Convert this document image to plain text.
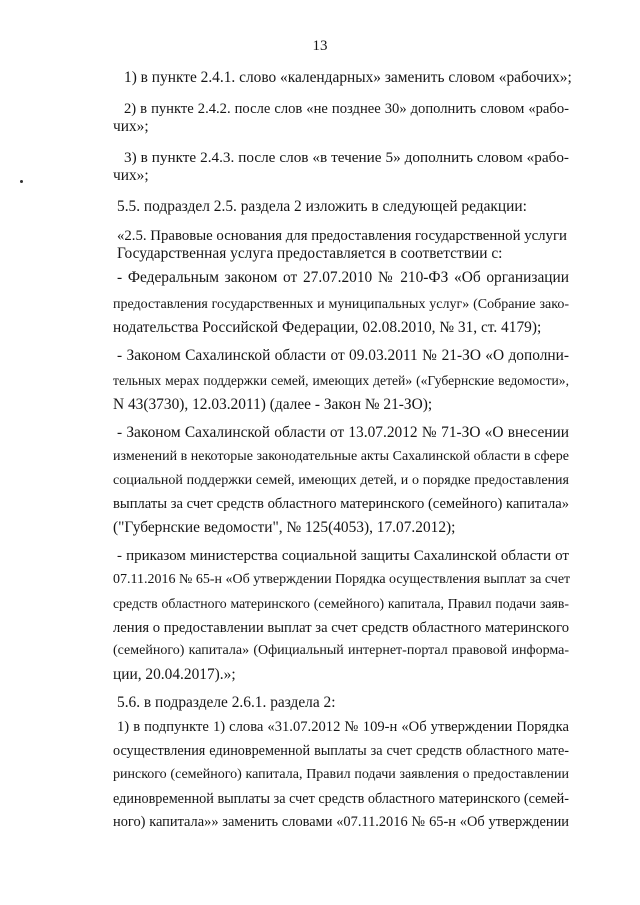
13
1) в пункте 2.4.1. слово «календарных» заменить словом «рабочих»;
2) в пункте 2.4.2. после слов «не позднее 30» дополнить словом «рабо-
чих»;
3) в пункте 2.4.3. после слов «в течение 5» дополнить словом «рабо-
чих»;
5.5. подраздел 2.5. раздела 2 изложить в следующей редакции:
«2.5. Правовые основания для предоставления государственной услуги
Государственная услуга предоставляется в соответствии с:
- Федеральным законом от 27.07.2010 № 210-ФЗ «Об организации
предоставления государственных и муниципальных услуг» (Собрание зако-
нодательства Российской Федерации, 02.08.2010, № 31, ст. 4179);
- Законом Сахалинской области от 09.03.2011 № 21-ЗО «О дополни-
тельных мерах поддержки семей, имеющих детей» («Губернские ведомости»,
N 43(3730), 12.03.2011) (далее - Закон № 21-ЗО);
- Законом Сахалинской области от 13.07.2012 № 71-ЗО «О внесении
изменений в некоторые законодательные акты Сахалинской области в сфере
социальной поддержки семей, имеющих детей, и о порядке предоставления
выплаты за счет средств областного материнского (семейного) капитала»
("Губернские ведомости", № 125(4053), 17.07.2012);
- приказом министерства социальной защиты Сахалинской области от
07.11.2016 № 65-н «Об утверждении Порядка осуществления выплат за счет
средств областного материнского (семейного) капитала, Правил подачи заяв-
ления о предоставлении выплат за счет средств областного материнского
(семейного) капитала» (Официальный интернет-портал правовой информа-
ции, 20.04.2017).»;
5.6. в подразделе 2.6.1. раздела 2:
1) в подпункте 1) слова «31.07.2012 № 109-н «Об утверждении Порядка
осуществления единовременной выплаты за счет средств областного мате-
ринского (семейного) капитала, Правил подачи заявления о предоставлении
единовременной выплаты за счет средств областного материнского (семей-
ного) капитала»» заменить словами «07.11.2016 № 65-н «Об утверждении
